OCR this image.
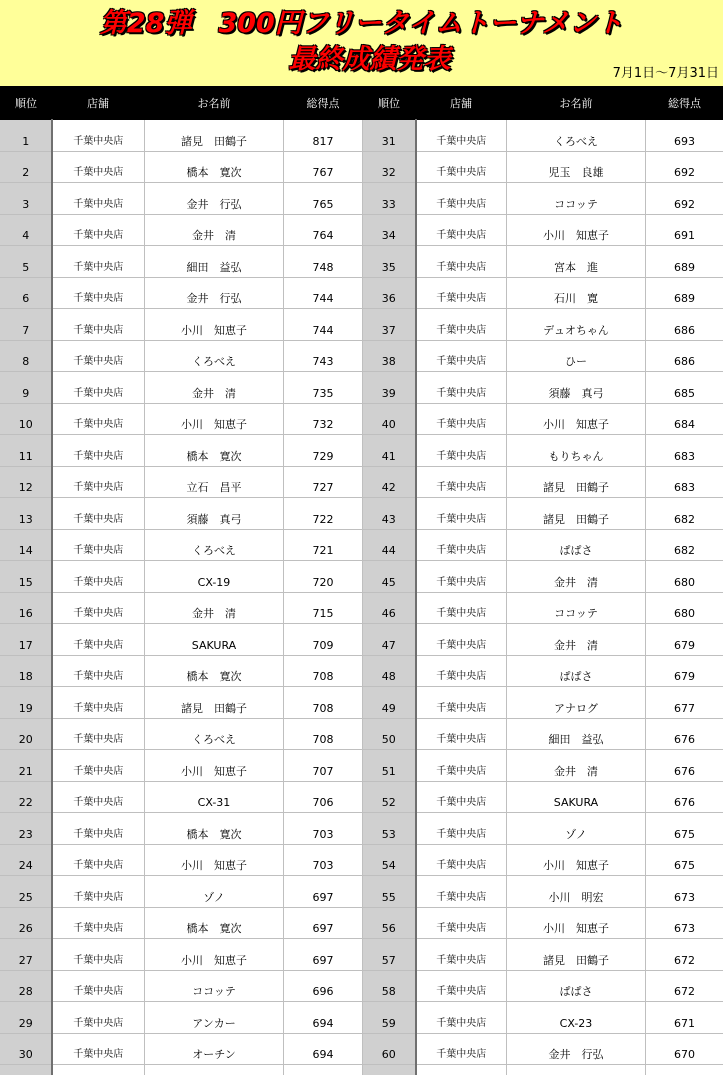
第28弾　300円フリータイムトーナメント
最終成績発表	7月1日～7月31日
順位	店舗	お名前	総得点	順位	店舗	お名前	総得点
1	千葉中央店	諸見　田鶴子	817	31	千葉中央店	くろべえ	693
2	千葉中央店	橋本　寛次	767	32	千葉中央店	児玉　良雄	692
3	千葉中央店	金井　行弘	765	33	千葉中央店	ココッテ	692
4	千葉中央店	金井　清	764	34	千葉中央店	小川　知恵子	691
5	千葉中央店	細田　益弘	748	35	千葉中央店	宮本　進	689
6	千葉中央店	金井　行弘	744	36	千葉中央店	石川　寛	689
7	千葉中央店	小川　知恵子	744	37	千葉中央店	デュオちゃん	686
8	千葉中央店	くろべえ	743	38	千葉中央店	ひー	686
9	千葉中央店	金井　清	735	39	千葉中央店	須藤　真弓	685
10	千葉中央店	小川　知恵子	732	40	千葉中央店	小川　知恵子	684
11	千葉中央店	橋本　寛次	729	41	千葉中央店	もりちゃん	683
12	千葉中央店	立石　昌平	727	42	千葉中央店	諸見　田鶴子	683
13	千葉中央店	須藤　真弓	722	43	千葉中央店	諸見　田鶴子	682
14	千葉中央店	くろべえ	721	44	千葉中央店	ぱぱさ	682
15	千葉中央店	CX-19	720	45	千葉中央店	金井　清	680
16	千葉中央店	金井　清	715	46	千葉中央店	ココッテ	680
17	千葉中央店	SAKURA	709	47	千葉中央店	金井　清	679
18	千葉中央店	橋本　寛次	708	48	千葉中央店	ぱぱさ	679
19	千葉中央店	諸見　田鶴子	708	49	千葉中央店	アナログ	677
20	千葉中央店	くろべえ	708	50	千葉中央店	細田　益弘	676
21	千葉中央店	小川　知恵子	707	51	千葉中央店	金井　清	676
22	千葉中央店	CX-31	706	52	千葉中央店	SAKURA	676
23	千葉中央店	橋本　寛次	703	53	千葉中央店	ゾノ	675
24	千葉中央店	小川　知恵子	703	54	千葉中央店	小川　知恵子	675
25	千葉中央店	ゾノ	697	55	千葉中央店	小川　明宏	673
26	千葉中央店	橋本　寛次	697	56	千葉中央店	小川　知恵子	673
27	千葉中央店	小川　知恵子	697	57	千葉中央店	諸見　田鶴子	672
28	千葉中央店	ココッテ	696	58	千葉中央店	ぱぱさ	672
29	千葉中央店	アンカー	694	59	千葉中央店	CX-23	671
30	千葉中央店	オーチン	694	60	千葉中央店	金井　行弘	670
